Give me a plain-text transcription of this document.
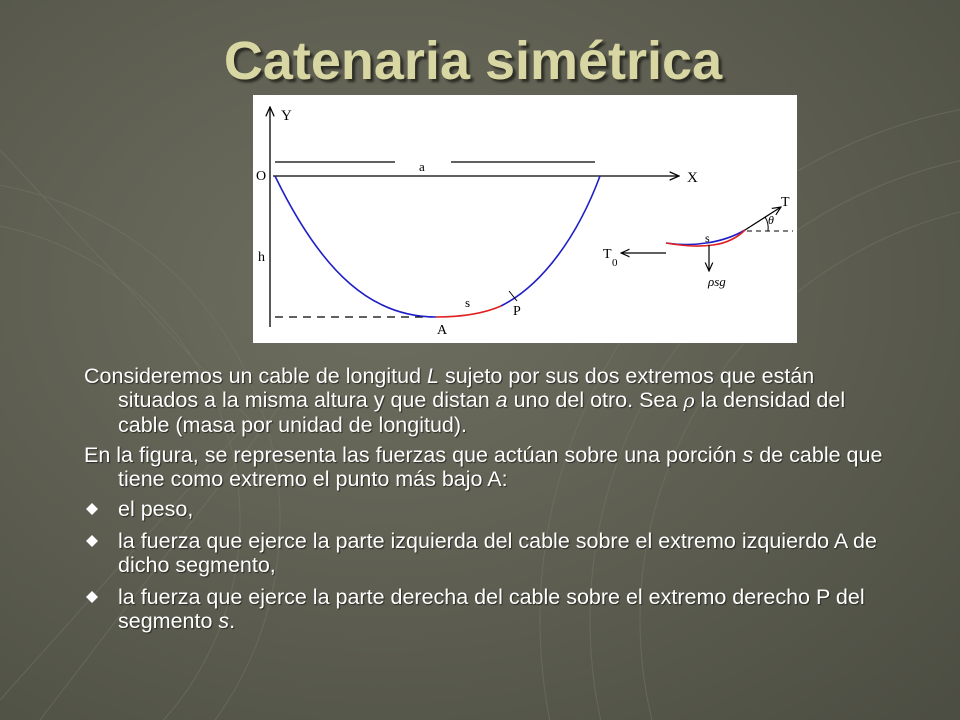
Catenaria simétrica
Y
X
O
a
h
s
P
A
T
θ
s
T
0
ρsg

Consideremos un cable de longitud L sujeto por sus dos extremos que están situados a la misma altura y que distan a uno del otro. Sea ρ la densidad del cable (masa por unidad de longitud).

En la figura, se representa las fuerzas que actúan sobre una porción s de cable que tiene como extremo el punto más bajo A:

el peso,
la fuerza que ejerce la parte izquierda del cable sobre el extremo izquierdo A de dicho segmento,
la fuerza que ejerce la parte derecha del cable sobre el extremo derecho P del segmento s.
